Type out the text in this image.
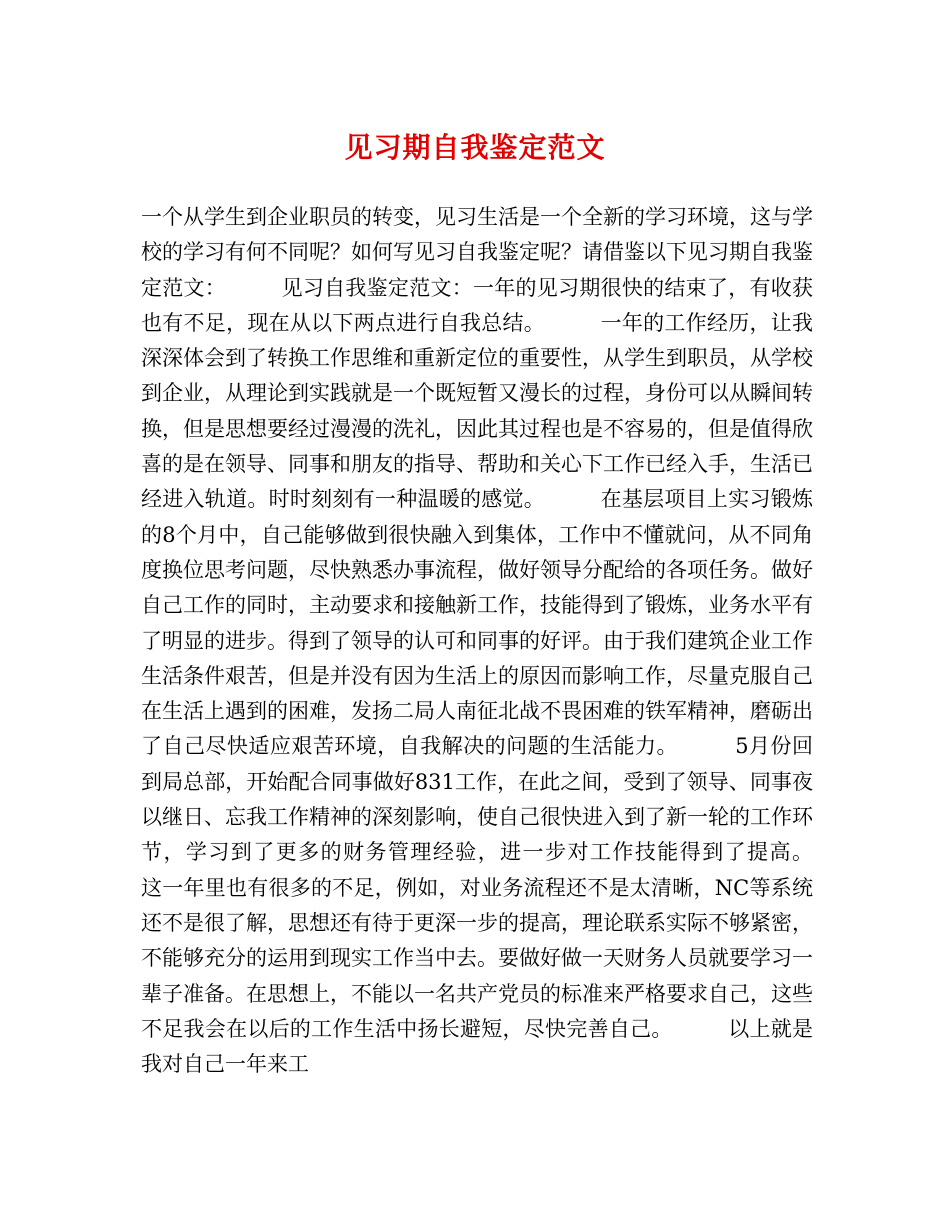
见习期自我鉴定范文

一个从学生到企业职员的转变，见习生活是一个全新的学习环境，这与学校的学习有何不同呢？如何写见习自我鉴定呢？请借鉴以下见习期自我鉴定范文：        见习自我鉴定范文：一年的见习期很快的结束了，有收获也有不足，现在从以下两点进行自我总结。        一年的工作经历，让我深深体会到了转换工作思维和重新定位的重要性，从学生到职员，从学校到企业，从理论到实践就是一个既短暂又漫长的过程，身份可以从瞬间转换，但是思想要经过漫漫的洗礼，因此其过程也是不容易的，但是值得欣喜的是在领导、同事和朋友的指导、帮助和关心下工作已经入手，生活已经进入轨道。时时刻刻有一种温暖的感觉。        在基层项目上实习锻炼的8个月中，自己能够做到很快融入到集体，工作中不懂就问，从不同角度换位思考问题，尽快熟悉办事流程，做好领导分配给的各项任务。做好自己工作的同时，主动要求和接触新工作，技能得到了锻炼，业务水平有了明显的进步。得到了领导的认可和同事的好评。由于我们建筑企业工作生活条件艰苦，但是并没有因为生活上的原因而影响工作，尽量克服自己在生活上遇到的困难，发扬二局人南征北战不畏困难的铁军精神，磨砺出了自己尽快适应艰苦环境，自我解决的问题的生活能力。        5月份回到局总部，开始配合同事做好831工作，在此之间，受到了领导、同事夜以继日、忘我工作精神的深刻影响，使自己很快进入到了新一轮的工作环节，学习到了更多的财务管理经验，进一步对工作技能得到了提高。        这一年里也有很多的不足，例如，对业务流程还不是太清晰，NC等系统还不是很了解，思想还有待于更深一步的提高，理论联系实际不够紧密，不能够充分的运用到现实工作当中去。要做好做一天财务人员就要学习一辈子准备。在思想上，不能以一名共产党员的标准来严格要求自己，这些不足我会在以后的工作生活中扬长避短，尽快完善自己。        以上就是我对自己一年来工
